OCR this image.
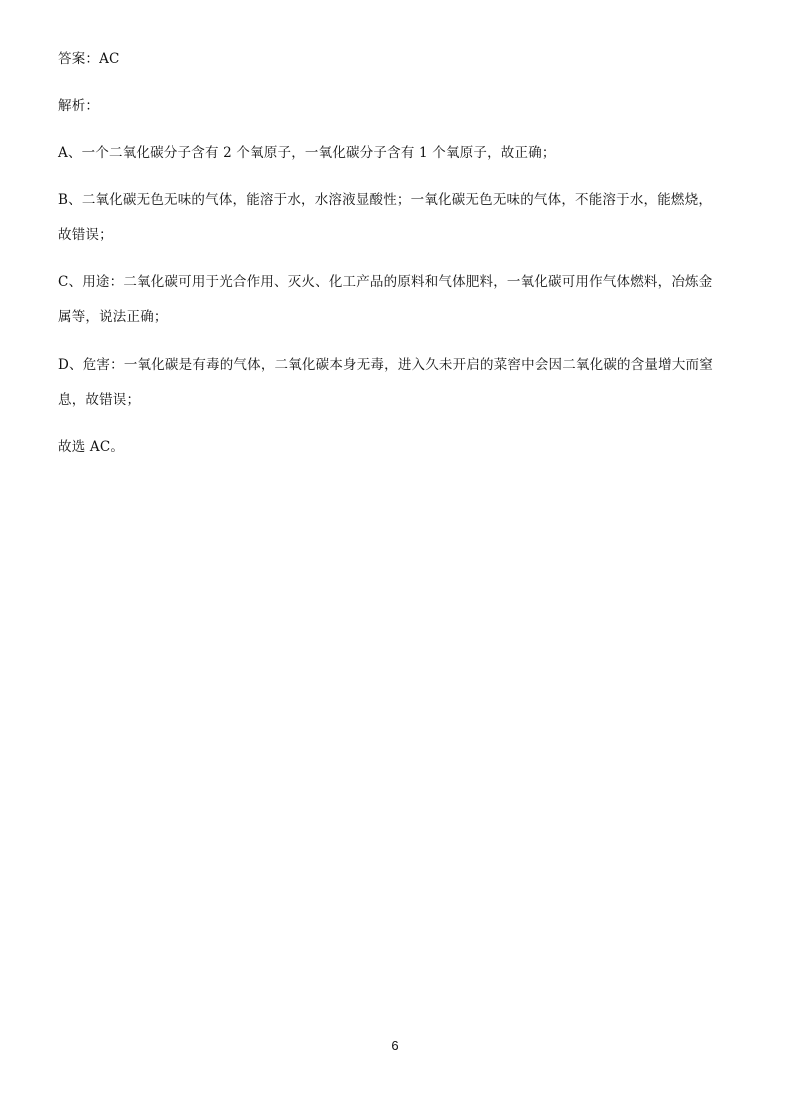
答案：AC
解析：
A、一个二氧化碳分子含有 2 个氧原子，一氧化碳分子含有 1 个氧原子，故正确；
B、二氧化碳无色无味的气体，能溶于水，水溶液显酸性；一氧化碳无色无味的气体，不能溶于水，能燃烧，
故错误；
C、用途：二氧化碳可用于光合作用、灭火、化工产品的原料和气体肥料，一氧化碳可用作气体燃料，冶炼金
属等，说法正确；
D、危害：一氧化碳是有毒的气体，二氧化碳本身无毒，进入久未开启的菜窖中会因二氧化碳的含量增大而窒
息，故错误；
故选 AC。
6
